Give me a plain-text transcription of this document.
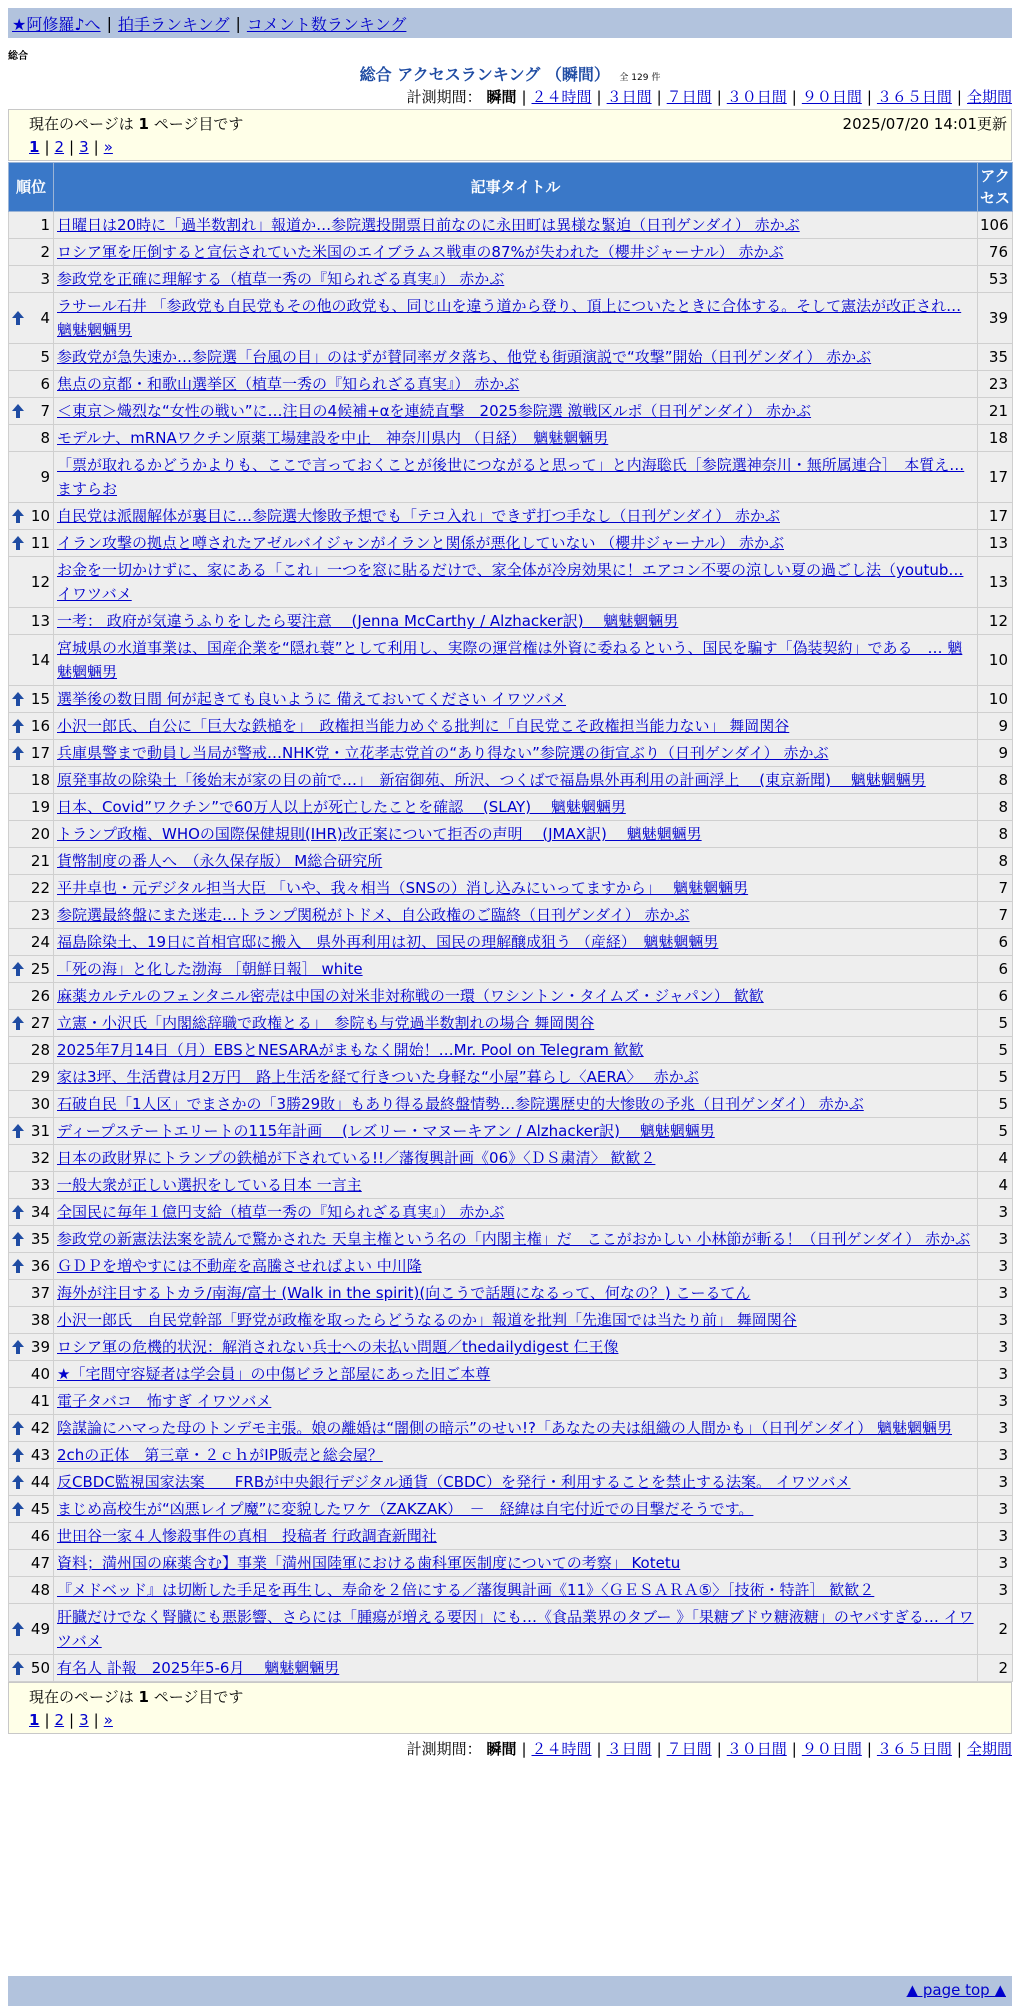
★阿修羅♪へ | 拍手ランキング | コメント数ランキング
総合
総合 アクセスランキング （瞬間） 全 129 件
計測期間： 瞬間 | ２４時間 | ３日間 | ７日間 | ３０日間 | ９０日間 | ３６５日間 | 全期間
現在のページは 1 ページ目です	2025/07/20 14:01更新
1 | 2 | 3 | »
順位	記事タイトル	アクセス
1	日曜日は20時に「過半数割れ」報道か…参院選投開票日前なのに永田町は異様な緊迫（日刊ゲンダイ） 赤かぶ	106
2	ロシア軍を圧倒すると宣伝されていた米国のエイブラムス戦車の87%が失われた（櫻井ジャーナル） 赤かぶ	76
3	参政党を正確に理解する（植草一秀の『知られざる真実』） 赤かぶ	53

4	ラサール石井 「参政党も自民党もその他の政党も、同じ山を違う道から登り、頂上についたときに合体する。そして憲法が改正され… 魑魅魍魎男	39
5	参政党が急失速か…参院選「台風の目」のはずが賛同率ガタ落ち、他党も街頭演説で“攻撃”開始（日刊ゲンダイ） 赤かぶ	35
6	焦点の京都・和歌山選挙区（植草一秀の『知られざる真実』） 赤かぶ	23

7	＜東京＞熾烈な“女性の戦い”に…注目の4候補+αを連続直撃　2025参院選 激戦区ルポ（日刊ゲンダイ） 赤かぶ	21
8	モデルナ、mRNAワクチン原薬工場建設を中止　神奈川県内 （日経）　魑魅魍魎男	18
9	「票が取れるかどうかよりも、ここで言っておくことが後世につながると思って」と内海聡氏［参院選神奈川・無所属連合］　本質え… ますらお	17

10	自民党は派閥解体が裏目に…参院選大惨敗予想でも「テコ入れ」できず打つ手なし（日刊ゲンダイ） 赤かぶ	17

11	イラン攻撃の拠点と噂されたアゼルバイジャンがイランと関係が悪化していない （櫻井ジャーナル） 赤かぶ	13
12	お金を一切かけずに、家にある「これ」一つを窓に貼るだけで、家全体が冷房効果に！エアコン不要の涼しい夏の過ごし法（youtub… イワツバメ	13
13	一考： 政府が気違うふりをしたら要注意 　(Jenna McCarthy / Alzhacker訳)　 魑魅魍魎男	12
14	宮城県の水道事業は、国産企業を“隠れ蓑”として利用し、実際の運営権は外資に委ねるという、国民を騙す「偽装契約」である　… 魑魅魍魎男	10

15	選挙後の数日間 何が起きても良いように 備えておいてください イワツバメ	10

16	小沢一郎氏、自公に「巨大な鉄槌を」　政権担当能力めぐる批判に「自民党こそ政権担当能力ない」 舞岡関谷	9

17	兵庫県警まで動員し当局が警戒…NHK党・立花孝志党首の“あり得ない”参院選の街宣ぶり（日刊ゲンダイ） 赤かぶ	9
18	原発事故の除染土「後始末が家の目の前で…」　新宿御苑、所沢、つくばで福島県外再利用の計画浮上 　(東京新聞)　 魑魅魍魎男	8
19	日本、Covid”ワクチン”で60万人以上が死亡したことを確認 　(SLAY)　 魑魅魍魎男	8
20	トランプ政権、WHOの国際保健規則(IHR)改正案について拒否の声明 　(JMAX訳)　 魑魅魍魎男	8
21	貨幣制度の番人へ　（永久保存版） M総合研究所	8
22	平井卓也・元デジタル担当大臣 「いや、我々相当（SNSの）消し込みにいってますから」　 魑魅魍魎男	7
23	参院選最終盤にまた迷走…トランプ関税がトドメ、自公政権のご臨終（日刊ゲンダイ） 赤かぶ	7
24	福島除染土、19日に首相官邸に搬入　県外再利用は初、国民の理解醸成狙う （産経）　魑魅魍魎男	6

25	「死の海」と化した渤海 ［朝鮮日報］ white	6
26	麻薬カルテルのフェンタニル密売は中国の対米非対称戦の一環（ワシントン・タイムズ・ジャパン） 歓歓	6

27	立憲・小沢氏「内閣総辞職で政権とる」　参院も与党過半数割れの場合 舞岡関谷	5
28	2025年7月14日（月）EBSとNESARAがまもなく開始！…Mr. Pool on Telegram 歓歓	5
29	家は3坪、生活費は月2万円　路上生活を経て行きついた身軽な“小屋”暮らし〈AERA〉　 赤かぶ	5
30	石破自民「1人区」でまさかの「3勝29敗」もあり得る最終盤情勢…参院選歴史的大惨敗の予兆（日刊ゲンダイ） 赤かぶ	5

31	ディープステートエリートの115年計画 　(レズリー・マヌーキアン / Alzhacker訳)　 魑魅魍魎男	5
32	日本の政財界にトランプの鉄槌が下されている!!／藩復興計画《06》〈ＤＳ粛清〉 歓歓２	4
33	一般大衆が正しい選択をしている日本 一言主	4

34	全国民に毎年１億円支給（植草一秀の『知られざる真実』） 赤かぶ	3

35	参政党の新憲法法案を読んで驚かされた 天皇主権という名の「内閣主権」だ　ここがおかしい 小林節が斬る！（日刊ゲンダイ） 赤かぶ	3

36	ＧＤＰを増やすには不動産を高騰させればよい 中川隆	3
37	海外が注目するトカラ/南海/富士 (Walk in the spirit)(向こうで話題になるって、何なの？) こーるてん	3
38	小沢一郎氏　自民党幹部「野党が政権を取ったらどうなるのか」報道を批判「先進国では当たり前」 舞岡関谷	3

39	ロシア軍の危機的状況：解消されない兵士への未払い問題／thedailydigest 仁王像	3
40	★「宅間守容疑者は学会員」の中傷ビラと部屋にあった旧ご本尊	3
41	電子タバコ　怖すぎ イワツバメ	3

42	陰謀論にハマった母のトンデモ主張。娘の離婚は“闇側の暗示”のせい!?「あなたの夫は組織の人間かも」（日刊ゲンダイ） 魑魅魍魎男	3

43	2chの正体　第三章・２ｃｈがIP販売と総会屋？	3

44	反CBDC監視国家法案　　FRBが中央銀行デジタル通貨（CBDC）を発行・利用することを禁止する法案。 イワツバメ	3

45	まじめ高校生が“凶悪レイプ魔”に変貌したワケ（ZAKZAK）　－　経緯は自宅付近での目撃だそうです。	3
46	世田谷一家４人惨殺事件の真相　投稿者 行政調査新聞社	3
47	資料；満州国の麻薬含む】事業「満州国陸軍における歯科軍医制度についての考察」 Kotetu	3
48	『メドベッド』は切断した手足を再生し、寿命を２倍にする／藩復興計画《11》〈ＧＥＳＡＲＡ⑤〉［技術・特許］ 歓歓２	3

49	肝臓だけでなく腎臓にも悪影響、さらには「腫瘍が増える要因」にも…《食品業界のタブー 》「果糖ブドウ糖液糖」のヤバすぎる… イワツバメ	2

50	有名人 訃報　2025年5-6月　 魑魅魍魎男	2
現在のページは 1 ページ目です
1 | 2 | 3 | »
計測期間： 瞬間 | ２４時間 | ３日間 | ７日間 | ３０日間 | ９０日間 | ３６５日間 | 全期間
▲ page top ▲
